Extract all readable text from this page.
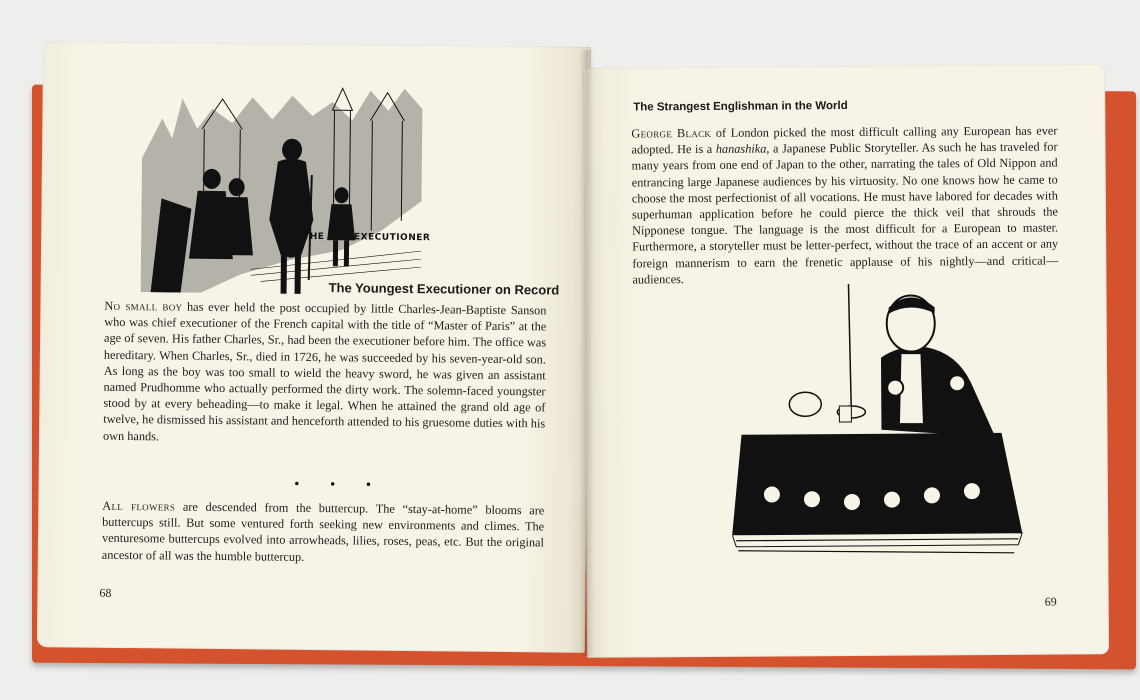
THE BOY EXECUTIONER
The Youngest Executioner on Record
No small boy has ever held the post occupied by little Charles-Jean-Baptiste Sanson who was chief executioner of the French capital with the title of “Master of Paris” at the age of seven. His father Charles, Sr., had been the executioner before him. The office was hereditary. When Charles, Sr., died in 1726, he was succeeded by his seven-year-old son. As long as the boy was too small to wield the heavy sword, he was given an assistant named Prudhomme who actually performed the dirty work. The solemn-faced youngster stood by at every beheading—to make it legal. When he attained the grand old age of twelve, he dismissed his assistant and henceforth attended to his gruesome duties with his own hands.
• • •
All flowers are descended from the buttercup. The “stay-at-home” blooms are buttercups still. But some ventured forth seeking new environments and climes. The venturesome buttercups evolved into arrowheads, lilies, roses, peas, etc. But the original ancestor of all was the humble buttercup.
68
The Strangest Englishman in the World
George Black of London picked the most difficult calling any European has ever adopted. He is a hanashika, a Japanese Public Storyteller. As such he has traveled for many years from one end of Japan to the other, narrating the tales of Old Nippon and entrancing large Japanese audiences by his virtuosity. No one knows how he came to choose the most perfectionist of all vocations. He must have labored for decades with superhuman application before he could pierce the thick veil that shrouds the Nipponese tongue. The language is the most difficult for a European to master. Furthermore, a storyteller must be letter-perfect, without the trace of an accent or any foreign mannerism to earn the frenetic applause of his nightly—and critical—audiences.
69
